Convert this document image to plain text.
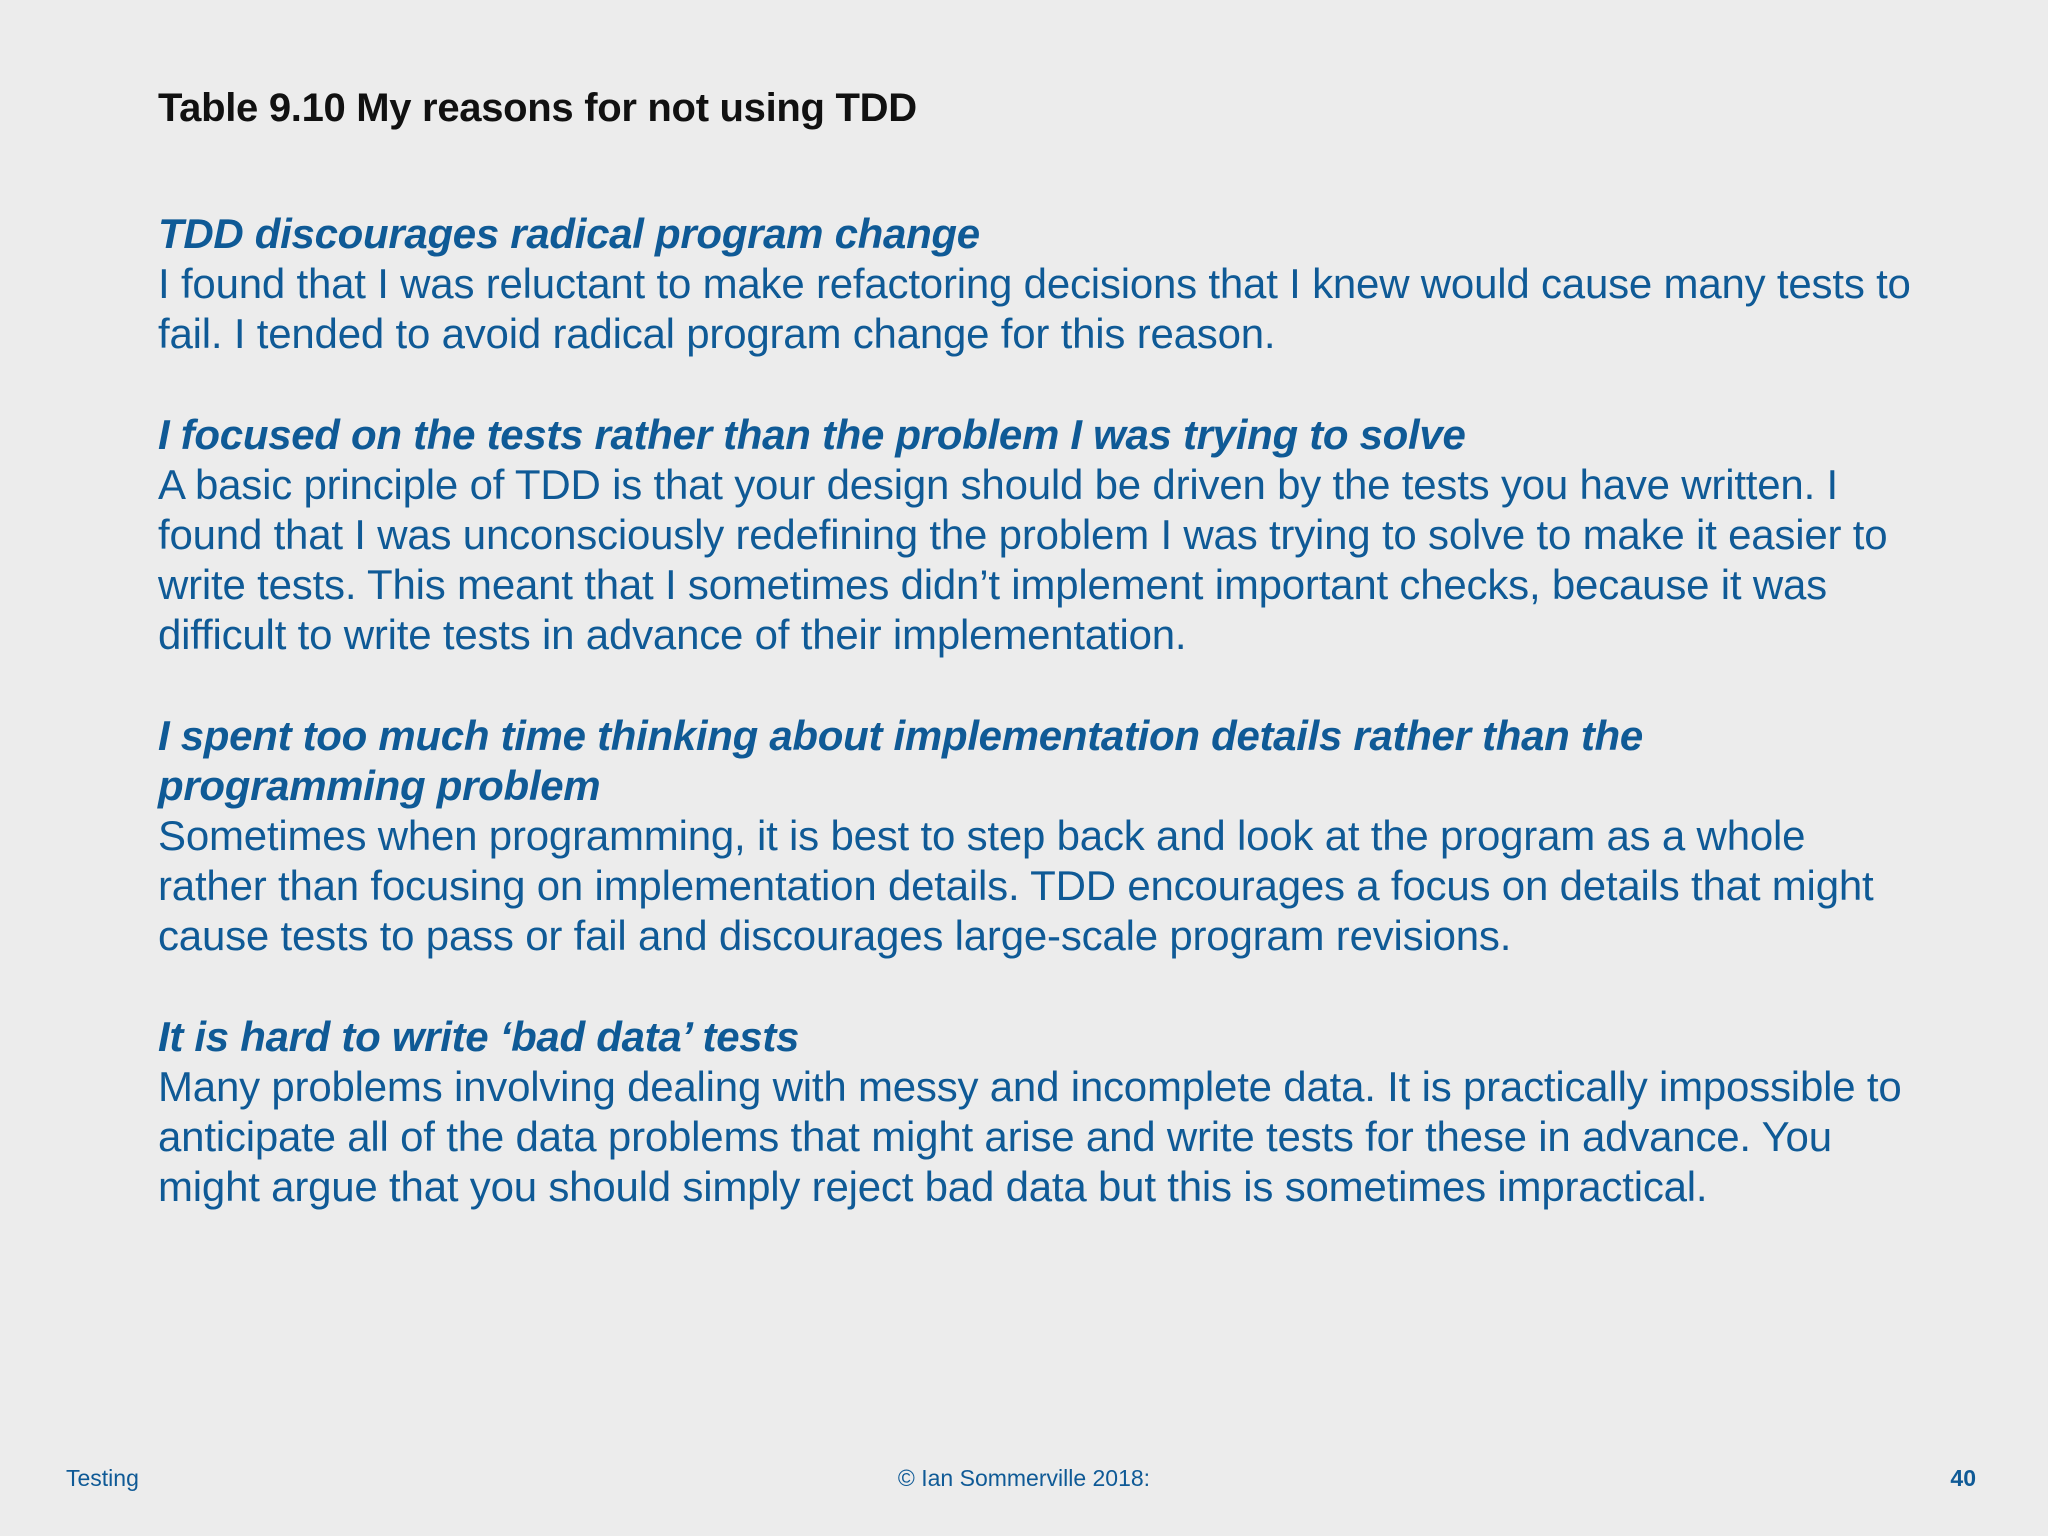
Table 9.10 My reasons for not using TDD

TDD discourages radical program change

I found that I was reluctant to make refactoring decisions that I knew would cause many tests to fail. I tended to avoid radical program change for this reason.

I focused on the tests rather than the problem I was trying to solve

A basic principle of TDD is that your design should be driven by the tests you have written. I found that I was unconsciously redefining the problem I was trying to solve to make it easier to write tests. This meant that I sometimes didn’t implement important checks, because it was difficult to write tests in advance of their implementation.

I spent too much time thinking about implementation details rather than the programming problem

Sometimes when programming, it is best to step back and look at the program as a whole rather than focusing on implementation details. TDD encourages a focus on details that might cause tests to pass or fail and discourages large-scale program revisions.

It is hard to write ‘bad data’ tests

Many problems involving dealing with messy and incomplete data. It is practically impossible to anticipate all of the data problems that might arise and write tests for these in advance. You might argue that you should simply reject bad data but this is sometimes impractical.

Testing	© Ian Sommerville 2018:	40
